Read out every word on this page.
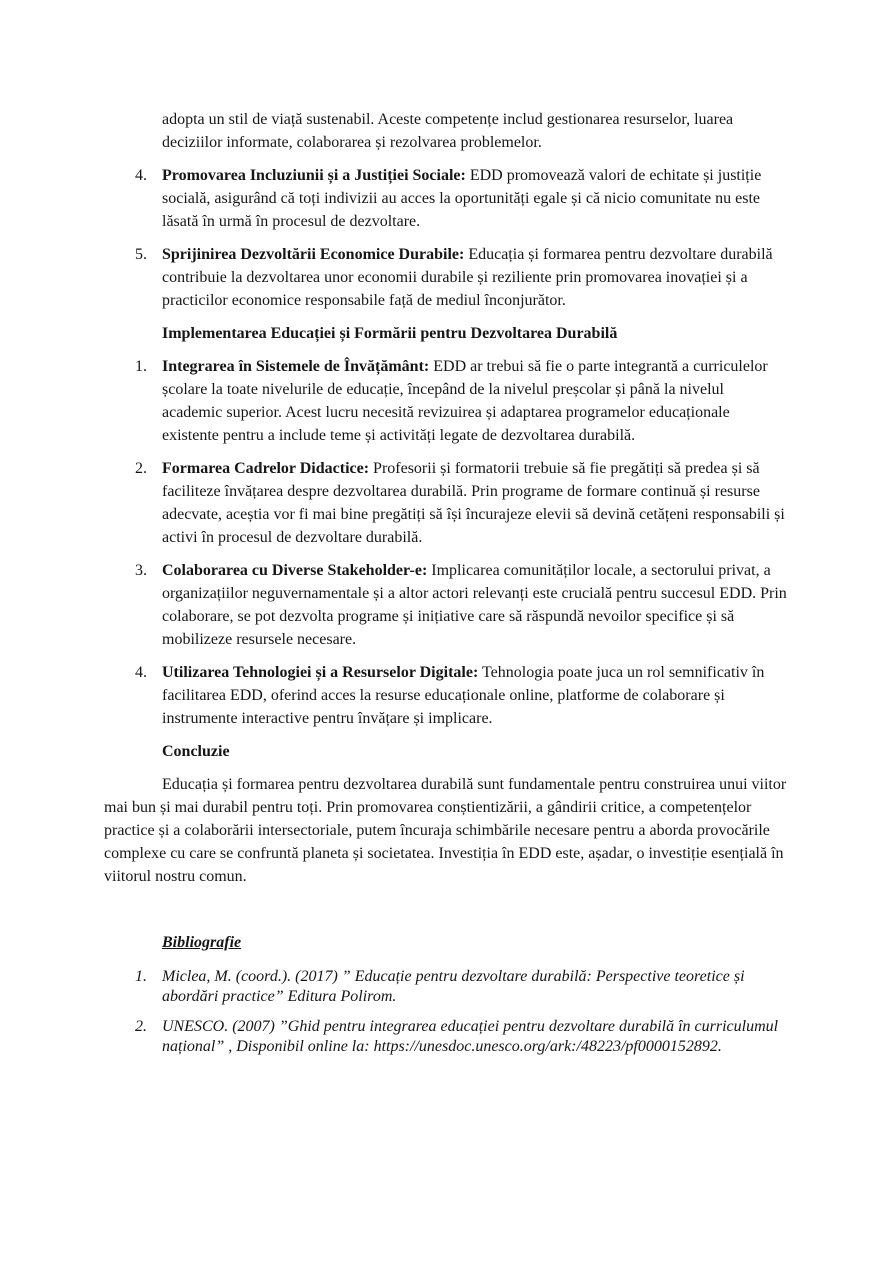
adopta un stil de viață sustenabil. Aceste competențe includ gestionarea resurselor, luarea deciziilor informate, colaborarea și rezolvarea problemelor.

4. Promovarea Incluziunii și a Justiției Sociale: EDD promovează valori de echitate și justiție socială, asigurând că toți indivizii au acces la oportunități egale și că nicio comunitate nu este lăsată în urmă în procesul de dezvoltare.
5. Sprijinirea Dezvoltării Economice Durabile: Educația și formarea pentru dezvoltare durabilă contribuie la dezvoltarea unor economii durabile și reziliente prin promovarea inovației și a practicilor economice responsabile față de mediul înconjurător.

Implementarea Educației și Formării pentru Dezvoltarea Durabilă

1. Integrarea în Sistemele de Învățământ: EDD ar trebui să fie o parte integrantă a curriculelor școlare la toate nivelurile de educație, începând de la nivelul preșcolar și până la nivelul academic superior. Acest lucru necesită revizuirea și adaptarea programelor educaționale existente pentru a include teme și activități legate de dezvoltarea durabilă.
2. Formarea Cadrelor Didactice: Profesorii și formatorii trebuie să fie pregătiți să predea și să faciliteze învățarea despre dezvoltarea durabilă. Prin programe de formare continuă și resurse adecvate, aceștia vor fi mai bine pregătiți să își încurajeze elevii să devină cetățeni responsabili și activi în procesul de dezvoltare durabilă.
3. Colaborarea cu Diverse Stakeholder-e: Implicarea comunităților locale, a sectorului privat, a organizațiilor neguvernamentale și a altor actori relevanți este crucială pentru succesul EDD. Prin colaborare, se pot dezvolta programe și inițiative care să răspundă nevoilor specifice și să mobilizeze resursele necesare.
4. Utilizarea Tehnologiei și a Resurselor Digitale: Tehnologia poate juca un rol semnificativ în facilitarea EDD, oferind acces la resurse educaționale online, platforme de colaborare și instrumente interactive pentru învățare și implicare.

Concluzie

Educația și formarea pentru dezvoltarea durabilă sunt fundamentale pentru construirea unui viitor mai bun și mai durabil pentru toți. Prin promovarea conștientizării, a gândirii critice, a competențelor practice și a colaborării intersectoriale, putem încuraja schimbările necesare pentru a aborda provocările complexe cu care se confruntă planeta și societatea. Investiția în EDD este, așadar, o investiție esențială în viitorul nostru comun.

Bibliografie

1. Miclea, M. (coord.). (2017) ” Educație pentru dezvoltare durabilă: Perspective teoretice și abordări practice” Editura Polirom.
2. UNESCO. (2007) ”Ghid pentru integrarea educației pentru dezvoltare durabilă în curriculumul național” , Disponibil online la: https://unesdoc.unesco.org/ark:/48223/pf0000152892.
